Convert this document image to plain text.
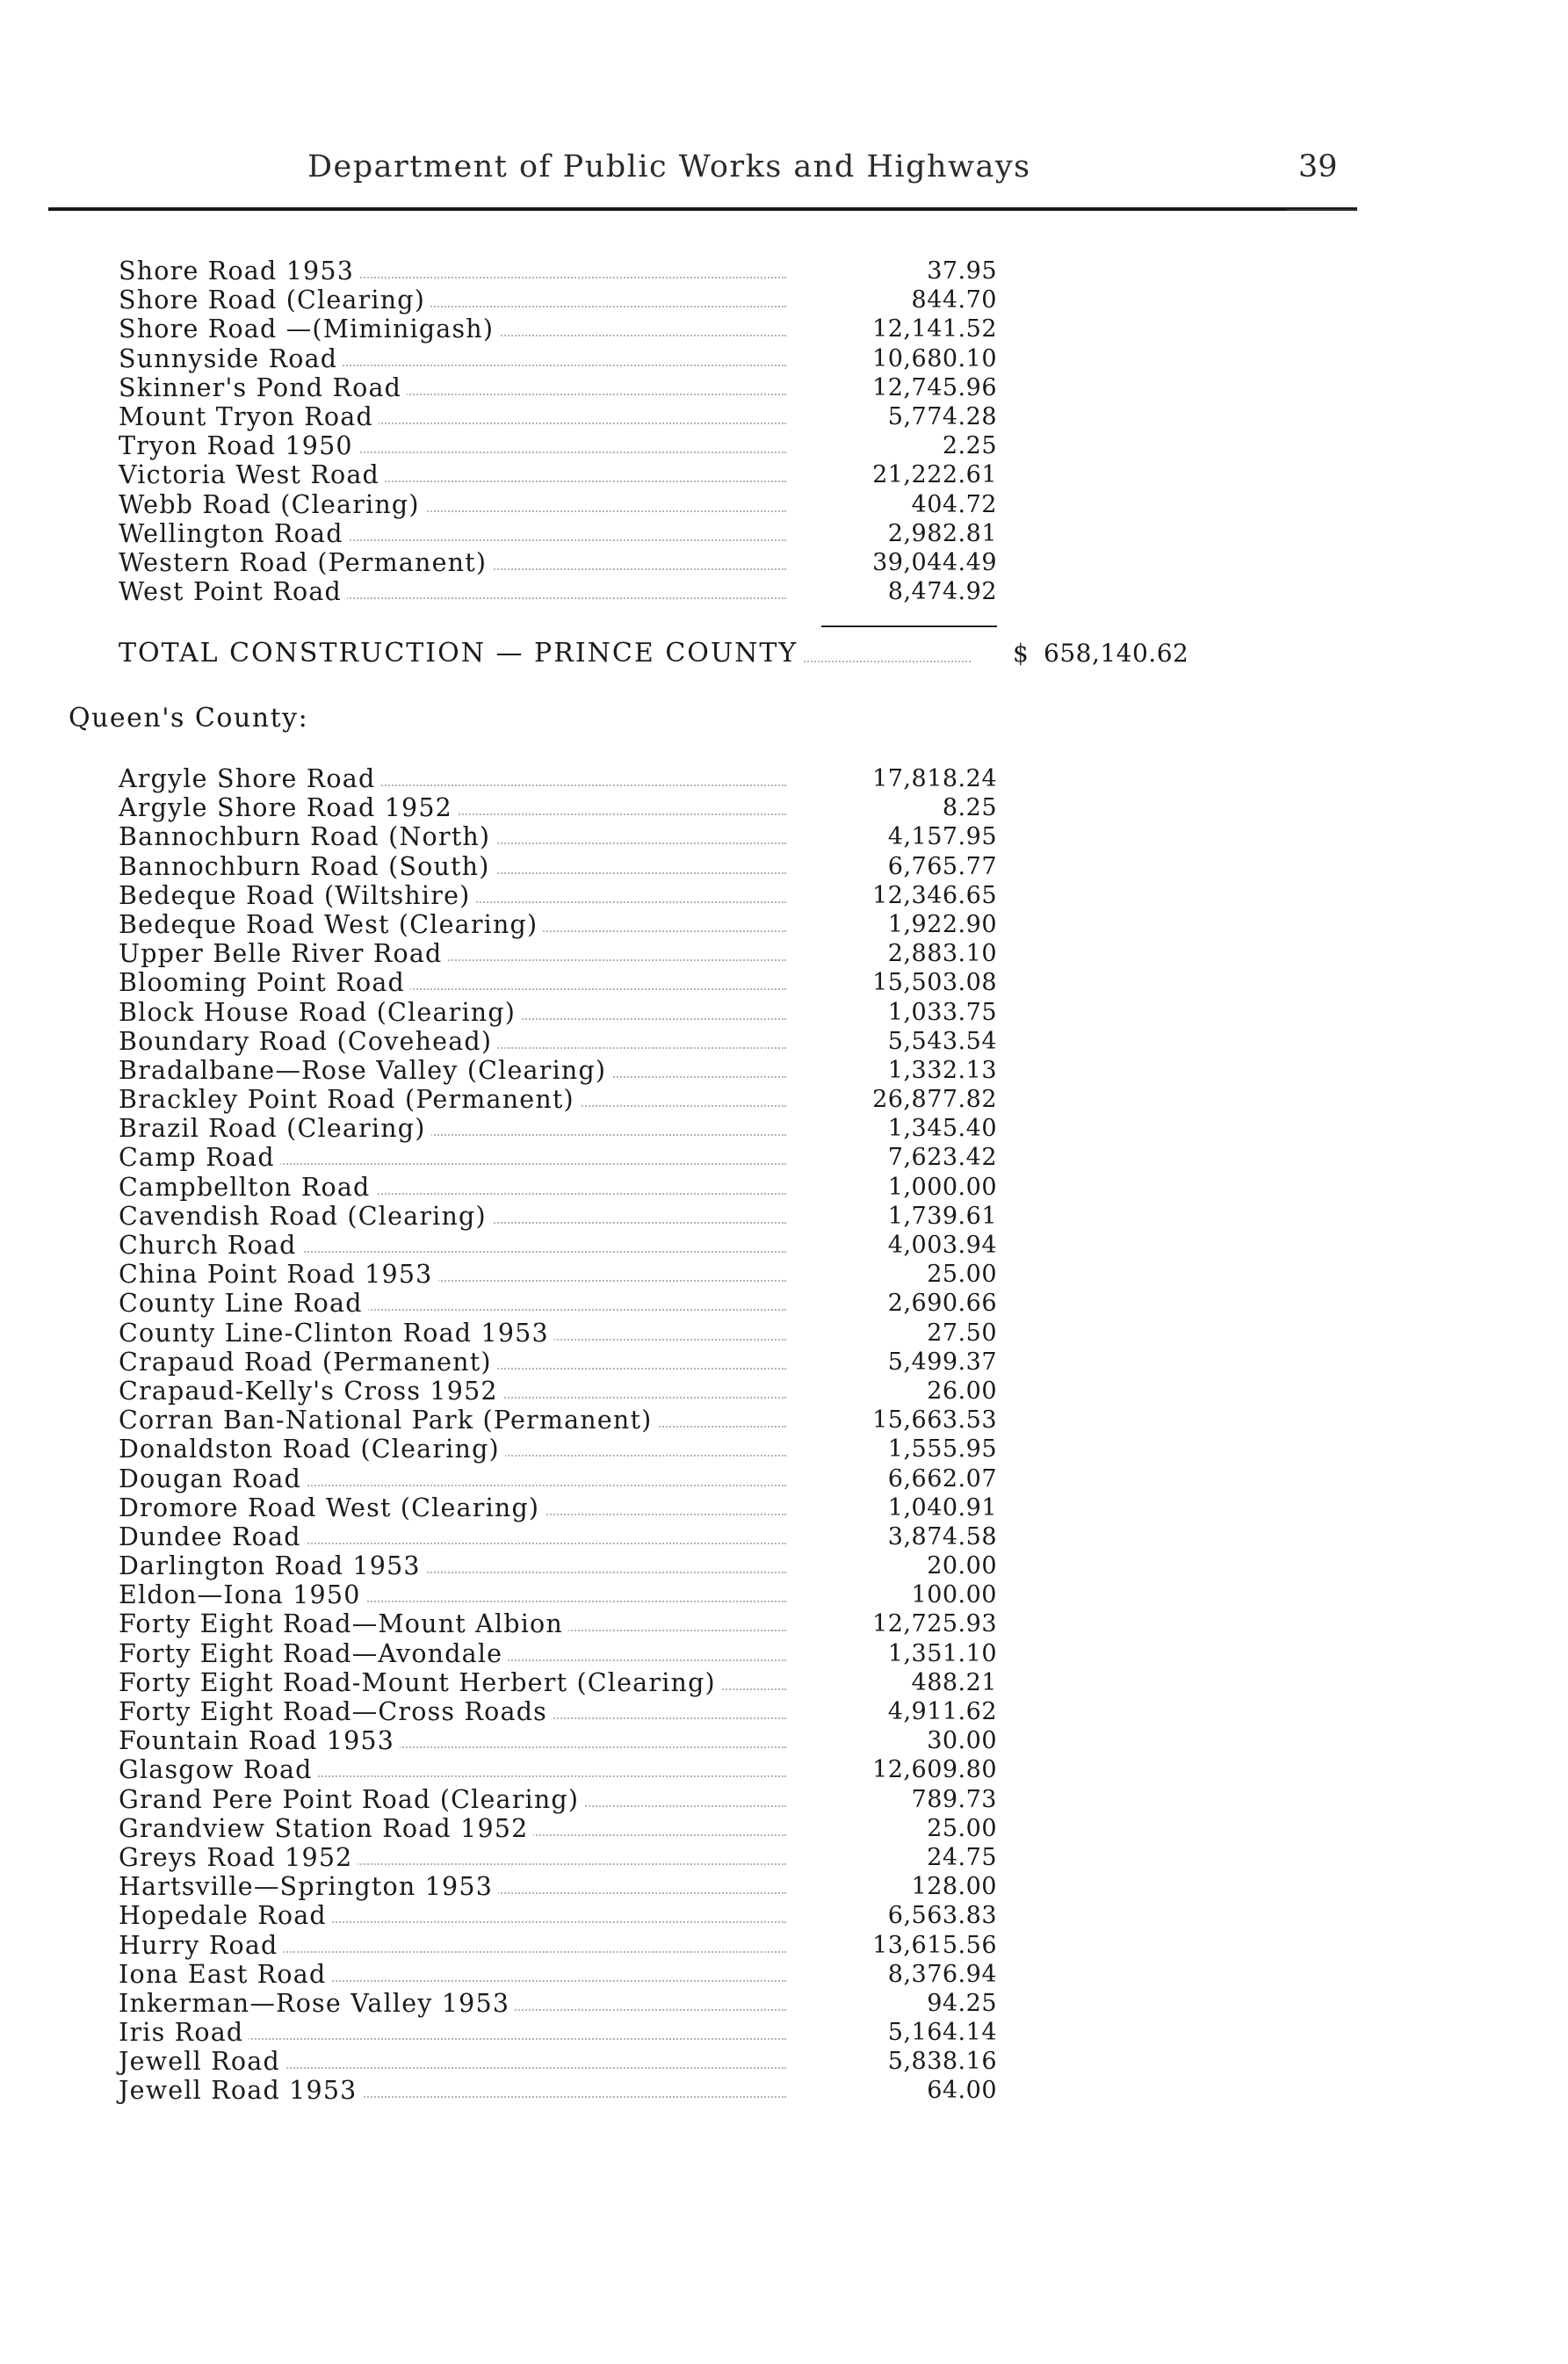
Department of Public Works and Highways	39
Shore Road 1953	37.95
Shore Road (Clearing)	844.70
Shore Road —(Miminigash)	12,141.52
Sunnyside Road	10,680.10
Skinner's Pond Road	12,745.96
Mount Tryon Road	5,774.28
Tryon Road 1950	2.25
Victoria West Road	21,222.61
Webb Road (Clearing)	404.72
Wellington Road	2,982.81
Western Road (Permanent)	39,044.49
West Point Road	8,474.92
TOTAL CONSTRUCTION — PRINCE COUNTY	$ 658,140.62
Queen's County:
Argyle Shore Road	17,818.24
Argyle Shore Road 1952	8.25
Bannochburn Road (North)	4,157.95
Bannochburn Road (South)	6,765.77
Bedeque Road (Wiltshire)	12,346.65
Bedeque Road West (Clearing)	1,922.90
Upper Belle River Road	2,883.10
Blooming Point Road	15,503.08
Block House Road (Clearing)	1,033.75
Boundary Road (Covehead)	5,543.54
Bradalbane—Rose Valley (Clearing)	1,332.13
Brackley Point Road (Permanent)	26,877.82
Brazil Road (Clearing)	1,345.40
Camp Road	7,623.42
Campbellton Road	1,000.00
Cavendish Road (Clearing)	1,739.61
Church Road	4,003.94
China Point Road 1953	25.00
County Line Road	2,690.66
County Line-Clinton Road 1953	27.50
Crapaud Road (Permanent)	5,499.37
Crapaud-Kelly's Cross 1952	26.00
Corran Ban-National Park (Permanent)	15,663.53
Donaldston Road (Clearing)	1,555.95
Dougan Road	6,662.07
Dromore Road West (Clearing)	1,040.91
Dundee Road	3,874.58
Darlington Road 1953	20.00
Eldon—Iona 1950	100.00
Forty Eight Road—Mount Albion	12,725.93
Forty Eight Road—Avondale	1,351.10
Forty Eight Road-Mount Herbert (Clearing)	488.21
Forty Eight Road—Cross Roads	4,911.62
Fountain Road 1953	30.00
Glasgow Road	12,609.80
Grand Pere Point Road (Clearing)	789.73
Grandview Station Road 1952	25.00
Greys Road 1952	24.75
Hartsville—Springton 1953	128.00
Hopedale Road	6,563.83
Hurry Road	13,615.56
Iona East Road	8,376.94
Inkerman—Rose Valley 1953	94.25
Iris Road	5,164.14
Jewell Road	5,838.16
Jewell Road 1953	64.00
